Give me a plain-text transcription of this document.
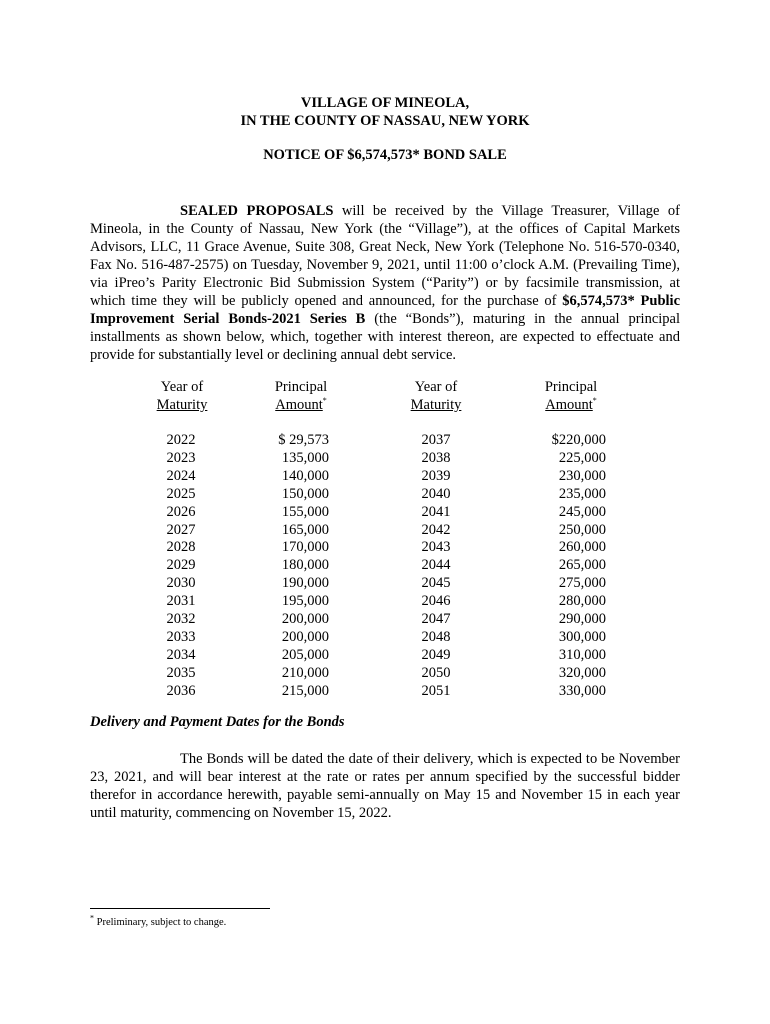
VILLAGE OF MINEOLA,
IN THE COUNTY OF NASSAU, NEW YORK
NOTICE OF $6,574,573* BOND SALE
SEALED PROPOSALS will be received by the Village Treasurer, Village of Mineola, in the County of Nassau, New York (the “Village”), at the offices of Capital Markets Advisors, LLC, 11 Grace Avenue, Suite 308, Great Neck, New York (Telephone No. 516-570-0340, Fax No. 516-487-2575) on Tuesday, November 9, 2021, until 11:00 o’clock A.M. (Prevailing Time), via iPreo’s Parity Electronic Bid Submission System (“Parity”) or by facsimile transmission, at which time they will be publicly opened and announced, for the purchase of $6,574,573* Public Improvement Serial Bonds-2021 Series B (the “Bonds”), maturing in the annual principal installments as shown below, which, together with interest thereon, are expected to effectuate and provide for substantially level or declining annual debt service.
Year of
Maturity
Principal
Amount*
Year of
Maturity
Principal
Amount*
2022
2023
2024
2025
2026
2027
2028
2029
2030
2031
2032
2033
2034
2035
2036
$ 29,573
135,000
140,000
150,000
155,000
165,000
170,000
180,000
190,000
195,000
200,000
200,000
205,000
210,000
215,000
2037
2038
2039
2040
2041
2042
2043
2044
2045
2046
2047
2048
2049
2050
2051
$220,000
225,000
230,000
235,000
245,000
250,000
260,000
265,000
275,000
280,000
290,000
300,000
310,000
320,000
330,000
Delivery and Payment Dates for the Bonds
The Bonds will be dated the date of their delivery, which is expected to be November 23, 2021, and will bear interest at the rate or rates per annum specified by the successful bidder therefor in accordance herewith, payable semi-annually on May 15 and November 15 in each year until maturity, commencing on November 15, 2022.
* Preliminary, subject to change.
